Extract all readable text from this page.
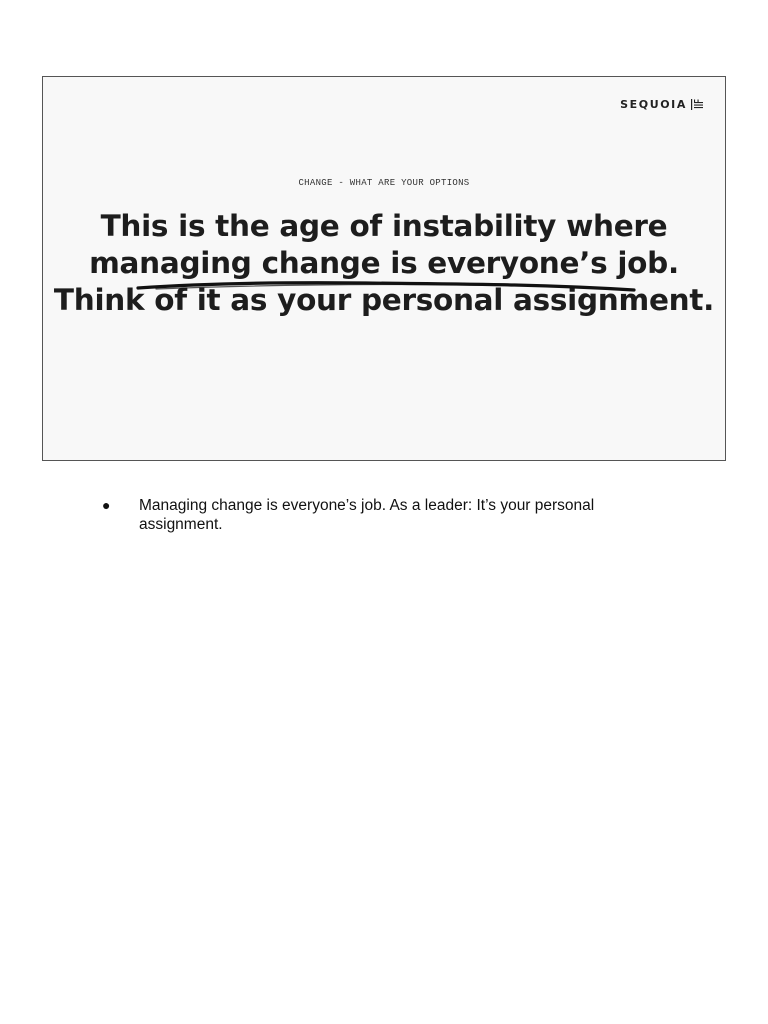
SEQUOIA
CHANGE - WHAT ARE YOUR OPTIONS
This is the age of instability where
managing change is everyone’s job.
Think of it as your personal assignment.
●	Managing change is everyone’s job. As a leader: It’s your personal assignment.
